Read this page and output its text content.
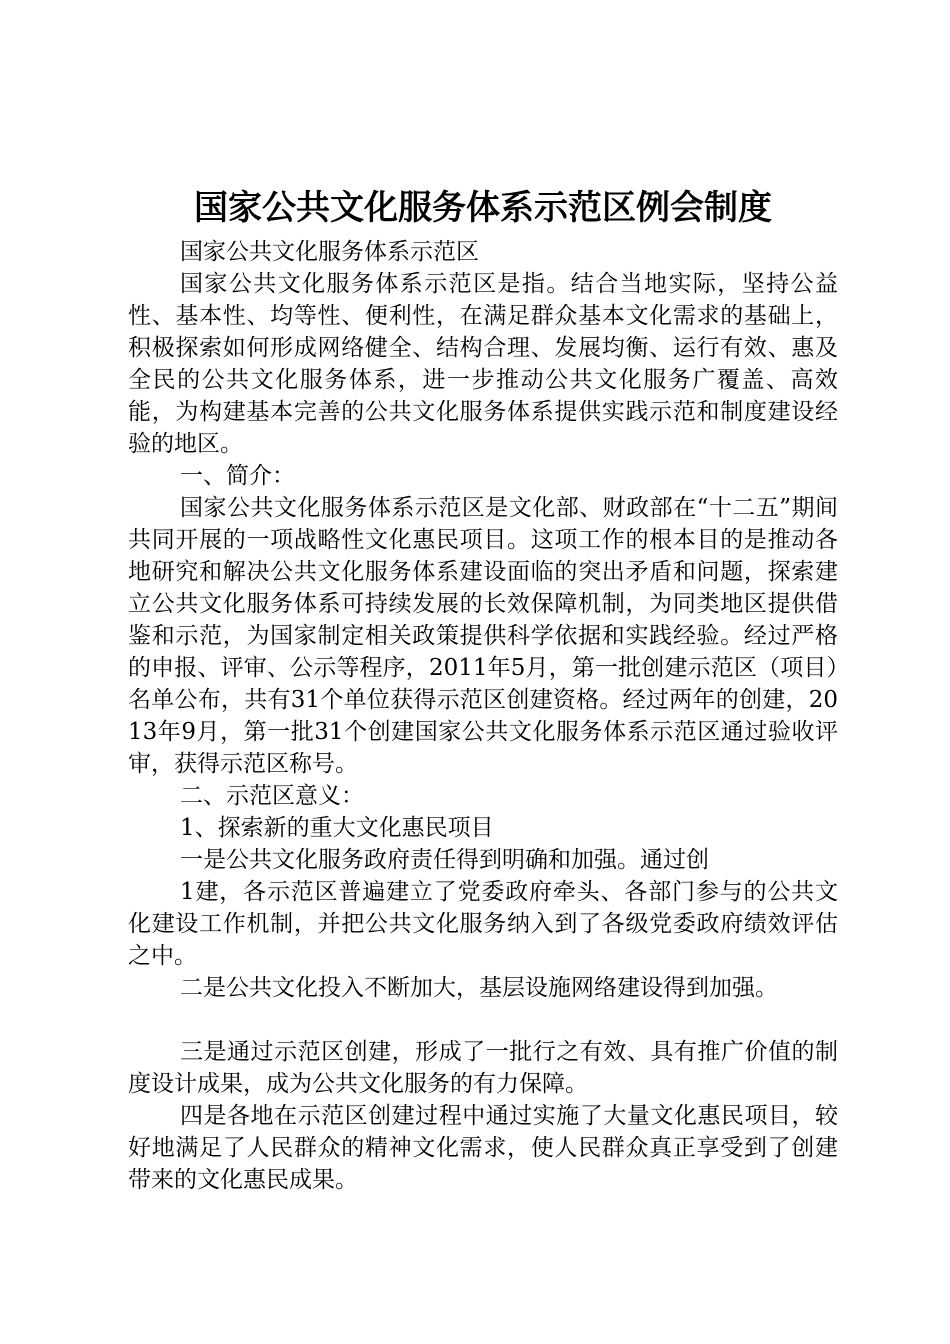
国家公共文化服务体系示范区例会制度

国家公共文化服务体系示范区

国家公共文化服务体系示范区是指。结合当地实际，坚持公益性、基本性、均等性、便利性，在满足群众基本文化需求的基础上，积极探索如何形成网络健全、结构合理、发展均衡、运行有效、惠及全民的公共文化服务体系，进一步推动公共文化服务广覆盖、高效能，为构建基本完善的公共文化服务体系提供实践示范和制度建设经验的地区。

一、简介：

国家公共文化服务体系示范区是文化部、财政部在“十二五”期间共同开展的一项战略性文化惠民项目。这项工作的根本目的是推动各地研究和解决公共文化服务体系建设面临的突出矛盾和问题，探索建立公共文化服务体系可持续发展的长效保障机制，为同类地区提供借鉴和示范，为国家制定相关政策提供科学依据和实践经验。经过严格的申报、评审、公示等程序，2011年5月，第一批创建示范区（项目）名单公布，共有31个单位获得示范区创建资格。经过两年的创建，2013年9月，第一批31个创建国家公共文化服务体系示范区通过验收评审，获得示范区称号。

二、示范区意义：

1、探索新的重大文化惠民项目

一是公共文化服务政府责任得到明确和加强。通过创

1建，各示范区普遍建立了党委政府牵头、各部门参与的公共文化建设工作机制，并把公共文化服务纳入到了各级党委政府绩效评估之中。

二是公共文化投入不断加大，基层设施网络建设得到加强。

三是通过示范区创建，形成了一批行之有效、具有推广价值的制度设计成果，成为公共文化服务的有力保障。

四是各地在示范区创建过程中通过实施了大量文化惠民项目，较好地满足了人民群众的精神文化需求，使人民群众真正享受到了创建带来的文化惠民成果。
